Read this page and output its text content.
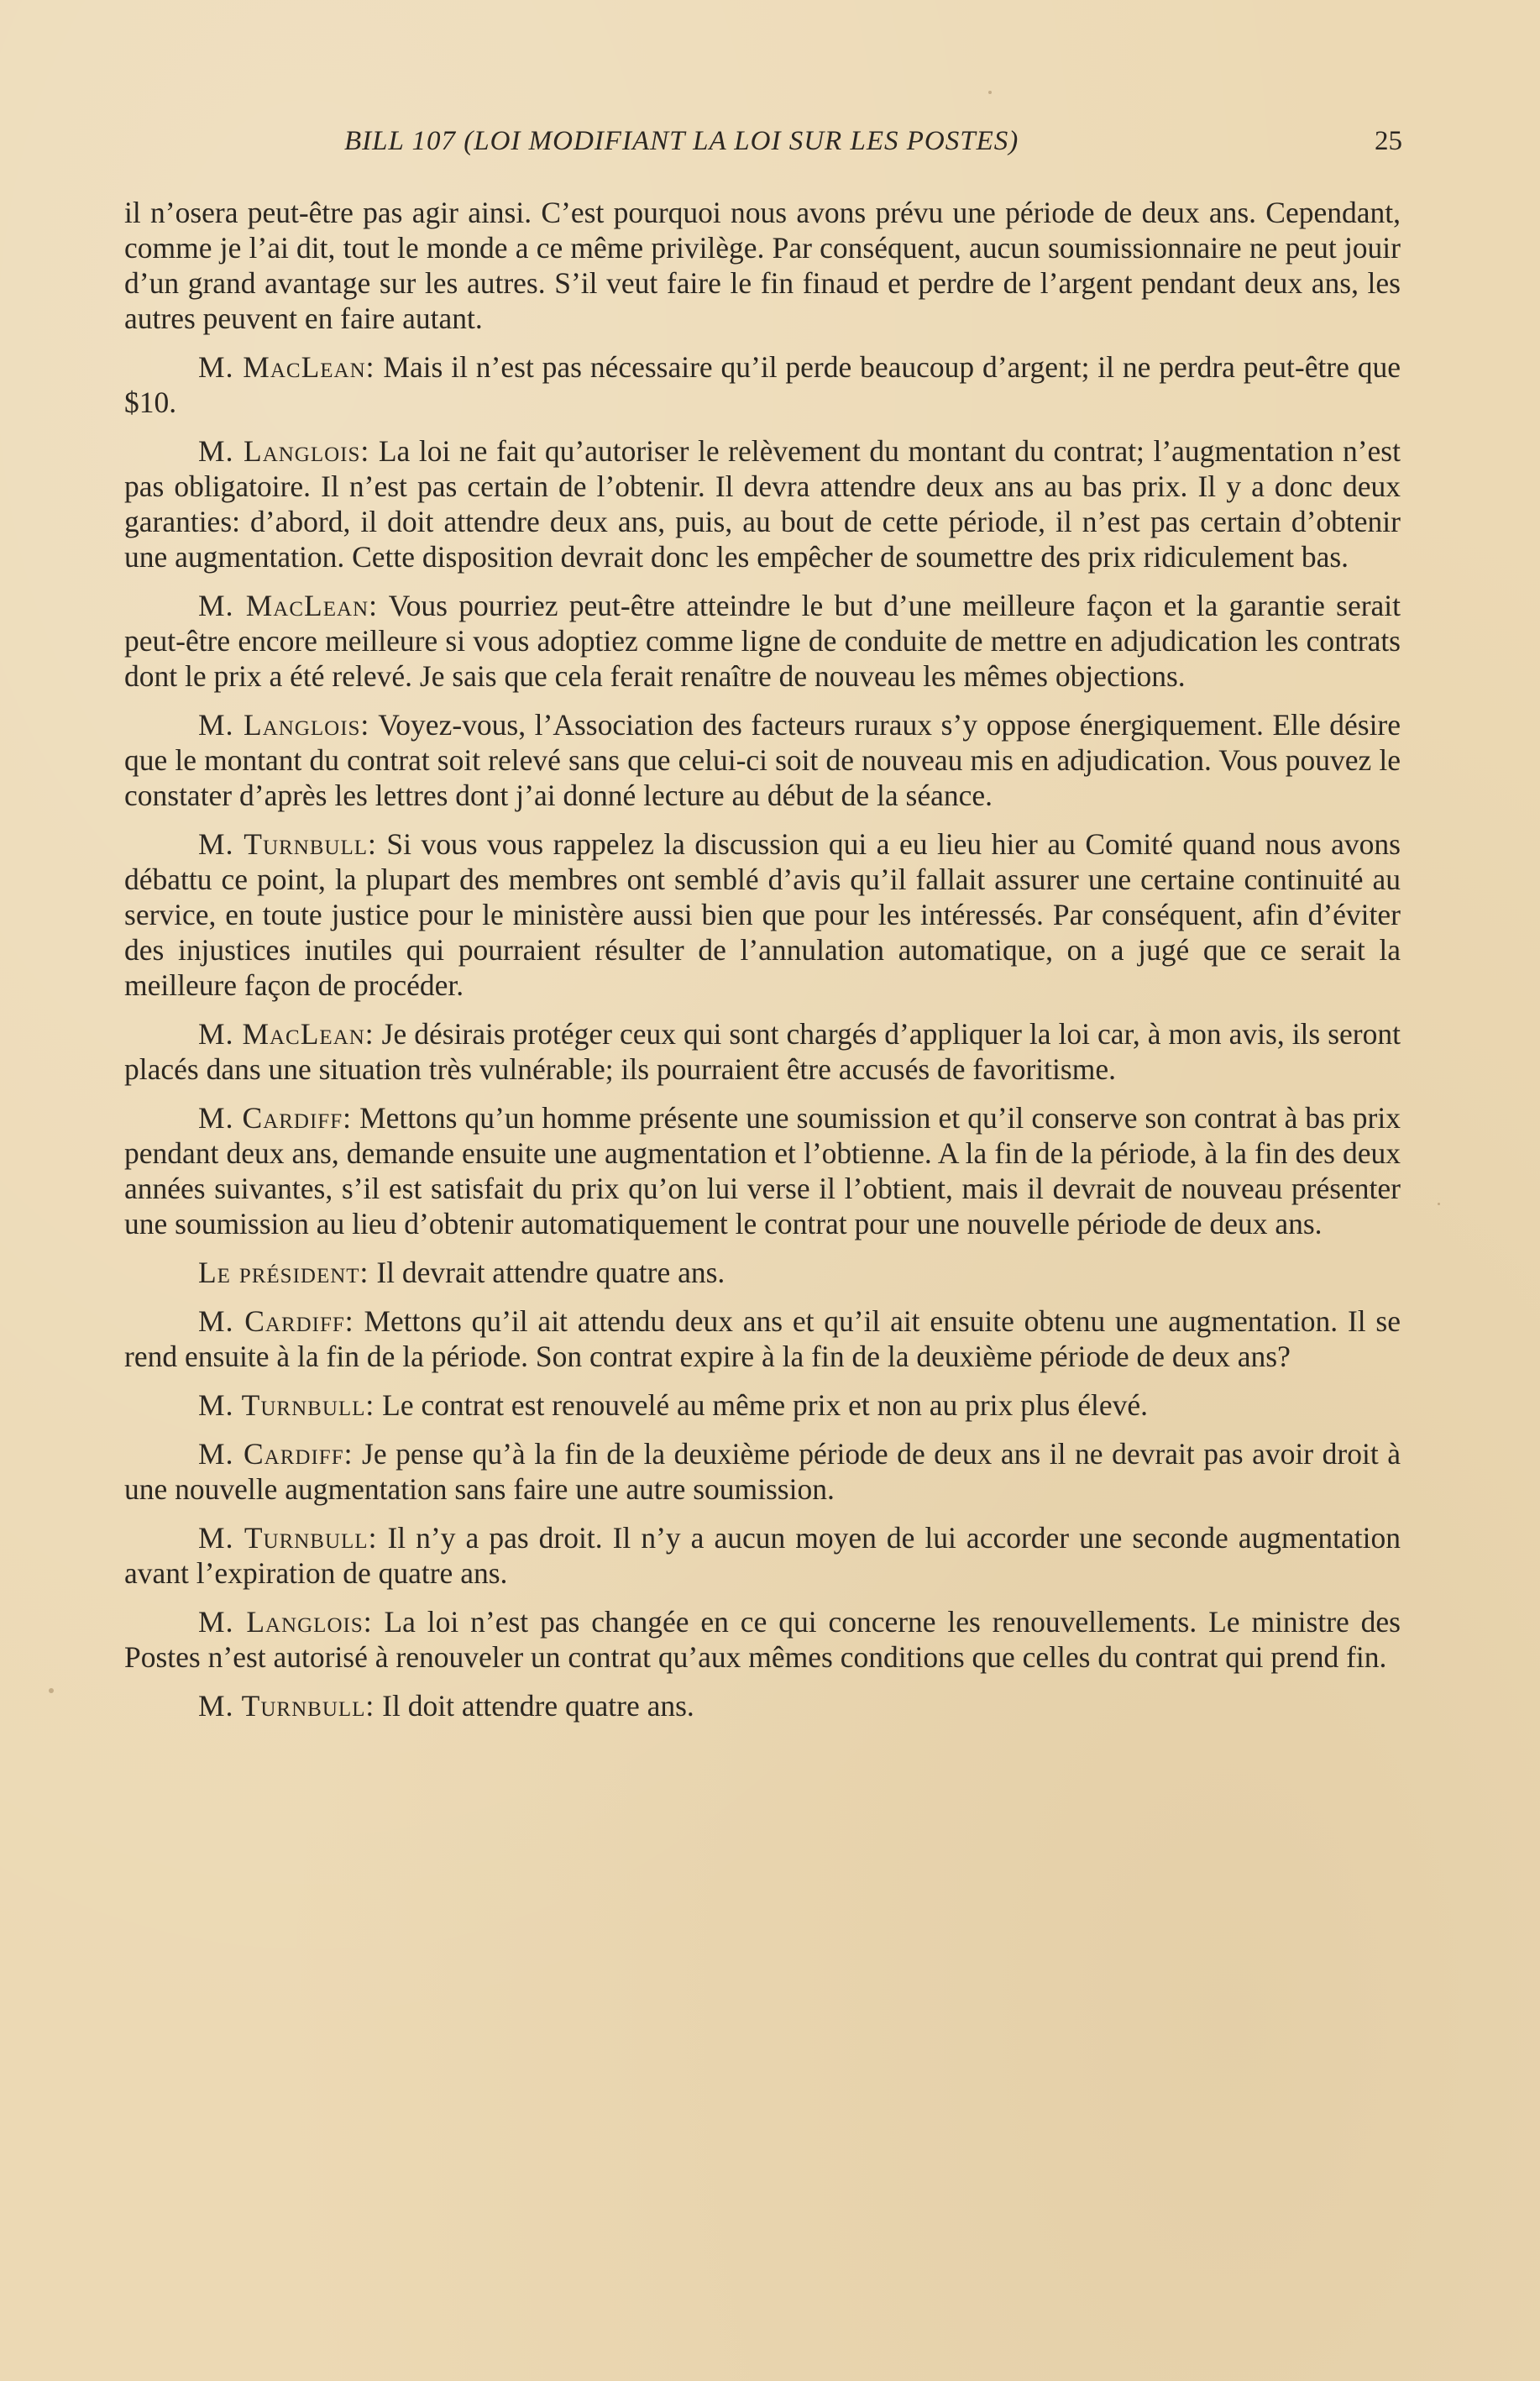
BILL 107 (LOI MODIFIANT LA LOI SUR LES POSTES)	25

il n’osera peut-être pas agir ainsi. C’est pourquoi nous avons prévu une période de deux ans. Cependant, comme je l’ai dit, tout le monde a ce même privilège. Par conséquent, aucun soumissionnaire ne peut jouir d’un grand avantage sur les autres. S’il veut faire le fin finaud et perdre de l’argent pendant deux ans, les autres peuvent en faire autant.

M. MacLean: Mais il n’est pas nécessaire qu’il perde beaucoup d’argent; il ne perdra peut-être que $10.

M. Langlois: La loi ne fait qu’autoriser le relèvement du montant du contrat; l’augmentation n’est pas obligatoire. Il n’est pas certain de l’obtenir. Il devra attendre deux ans au bas prix. Il y a donc deux garanties: d’abord, il doit attendre deux ans, puis, au bout de cette période, il n’est pas certain d’obtenir une augmentation. Cette disposition devrait donc les empêcher de soumettre des prix ridiculement bas.

M. MacLean: Vous pourriez peut-être atteindre le but d’une meilleure façon et la garantie serait peut-être encore meilleure si vous adoptiez comme ligne de conduite de mettre en adjudication les contrats dont le prix a été relevé. Je sais que cela ferait renaître de nouveau les mêmes objections.

M. Langlois: Voyez-vous, l’Association des facteurs ruraux s’y oppose énergiquement. Elle désire que le montant du contrat soit relevé sans que celui-ci soit de nouveau mis en adjudication. Vous pouvez le constater d’après les lettres dont j’ai donné lecture au début de la séance.

M. Turnbull: Si vous vous rappelez la discussion qui a eu lieu hier au Comité quand nous avons débattu ce point, la plupart des membres ont semblé d’avis qu’il fallait assurer une certaine continuité au service, en toute justice pour le ministère aussi bien que pour les intéressés. Par conséquent, afin d’éviter des injustices inutiles qui pourraient résulter de l’annulation automatique, on a jugé que ce serait la meilleure façon de procéder.

M. MacLean: Je désirais protéger ceux qui sont chargés d’appliquer la loi car, à mon avis, ils seront placés dans une situation très vulnérable; ils pourraient être accusés de favoritisme.

M. Cardiff: Mettons qu’un homme présente une soumission et qu’il conserve son contrat à bas prix pendant deux ans, demande ensuite une augmentation et l’obtienne. A la fin de la période, à la fin des deux années suivantes, s’il est satisfait du prix qu’on lui verse il l’obtient, mais il devrait de nouveau présenter une soumission au lieu d’obtenir automatiquement le contrat pour une nouvelle période de deux ans.

Le président: Il devrait attendre quatre ans.

M. Cardiff: Mettons qu’il ait attendu deux ans et qu’il ait ensuite obtenu une augmentation. Il se rend ensuite à la fin de la période. Son contrat expire à la fin de la deuxième période de deux ans?

M. Turnbull: Le contrat est renouvelé au même prix et non au prix plus élevé.

M. Cardiff: Je pense qu’à la fin de la deuxième période de deux ans il ne devrait pas avoir droit à une nouvelle augmentation sans faire une autre soumission.

M. Turnbull: Il n’y a pas droit. Il n’y a aucun moyen de lui accorder une seconde augmentation avant l’expiration de quatre ans.

M. Langlois: La loi n’est pas changée en ce qui concerne les renouvellements. Le ministre des Postes n’est autorisé à renouveler un contrat qu’aux mêmes conditions que celles du contrat qui prend fin.

M. Turnbull: Il doit attendre quatre ans.
